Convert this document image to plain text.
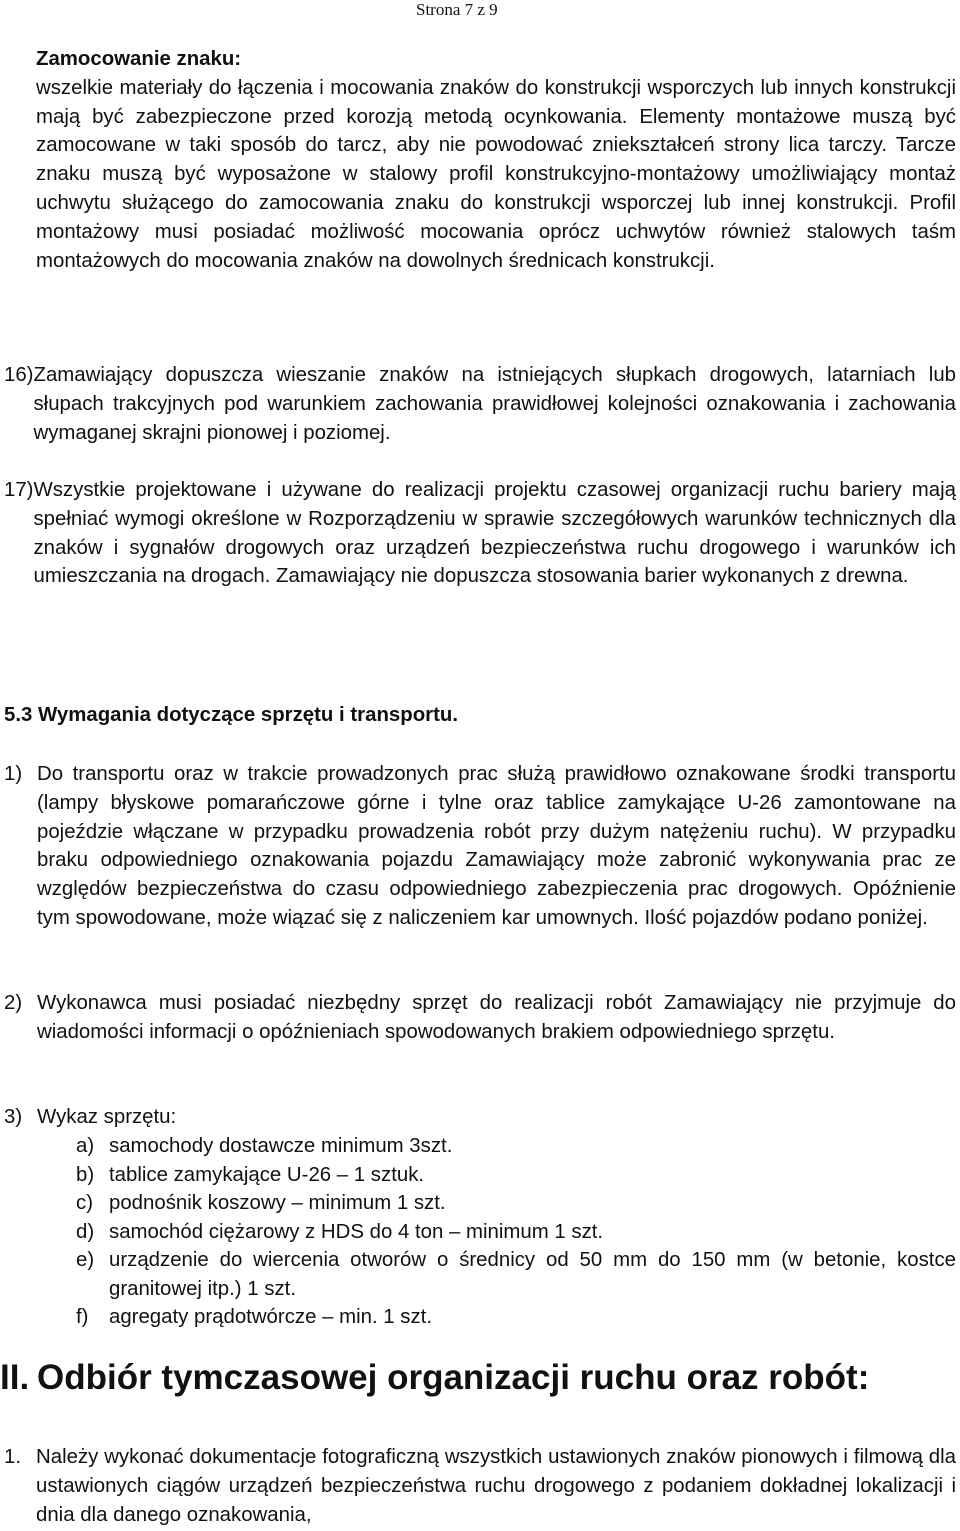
Strona 7 z 9
Zamocowanie znaku:
wszelkie materiały do łączenia i mocowania znaków do konstrukcji wsporczych lub innych konstrukcji mają być zabezpieczone przed korozją metodą ocynkowania. Elementy montażowe muszą być zamocowane w taki sposób do tarcz, aby nie powodować zniekształceń strony lica tarczy. Tarcze znaku muszą być wyposażone w stalowy profil konstrukcyjno-montażowy umożliwiający montaż uchwytu służącego do zamocowania znaku do konstrukcji wsporczej lub innej konstrukcji. Profil montażowy musi posiadać możliwość mocowania oprócz uchwytów również stalowych taśm montażowych do mocowania znaków na dowolnych średnicach konstrukcji.
16) Zamawiający dopuszcza wieszanie znaków na istniejących słupkach drogowych, latarniach lub słupach trakcyjnych pod warunkiem zachowania prawidłowej kolejności oznakowania i zachowania wymaganej skrajni pionowej i poziomej.
17) Wszystkie projektowane i używane do realizacji projektu czasowej organizacji ruchu bariery mają spełniać wymogi określone w Rozporządzeniu w sprawie szczegółowych warunków technicznych dla znaków i sygnałów drogowych oraz urządzeń bezpieczeństwa ruchu drogowego i warunków ich umieszczania na drogach. Zamawiający nie dopuszcza stosowania barier wykonanych z drewna.
5.3 Wymagania dotyczące sprzętu i transportu.
1) Do transportu oraz w trakcie prowadzonych prac służą prawidłowo oznakowane środki transportu (lampy błyskowe pomarańczowe górne i tylne oraz tablice zamykające U-26 zamontowane na pojeździe włączane w przypadku prowadzenia robót przy dużym natężeniu ruchu). W przypadku braku odpowiedniego oznakowania pojazdu Zamawiający może zabronić wykonywania prac ze względów bezpieczeństwa do czasu odpowiedniego zabezpieczenia prac drogowych. Opóźnienie tym spowodowane, może wiązać się z naliczeniem kar umownych. Ilość pojazdów podano poniżej.
2) Wykonawca musi posiadać niezbędny sprzęt do realizacji robót Zamawiający nie przyjmuje do wiadomości informacji o opóźnieniach spowodowanych brakiem odpowiedniego sprzętu.
3) Wykaz sprzętu:
a) samochody dostawcze minimum 3szt.
b) tablice zamykające U-26 – 1 sztuk.
c) podnośnik koszowy – minimum 1 szt.
d) samochód ciężarowy z HDS do 4 ton – minimum 1 szt.
e) urządzenie do wiercenia otworów o średnicy od 50 mm do 150 mm (w betonie, kostce granitowej itp.) 1 szt.
f)	agregaty prądotwórcze – min. 1 szt.
II. Odbiór tymczasowej organizacji ruchu oraz robót:
1. Należy wykonać dokumentacje fotograficzną wszystkich ustawionych znaków pionowych i filmową dla ustawionych ciągów urządzeń bezpieczeństwa ruchu drogowego z podaniem dokładnej lokalizacji i dnia dla danego oznakowania,
